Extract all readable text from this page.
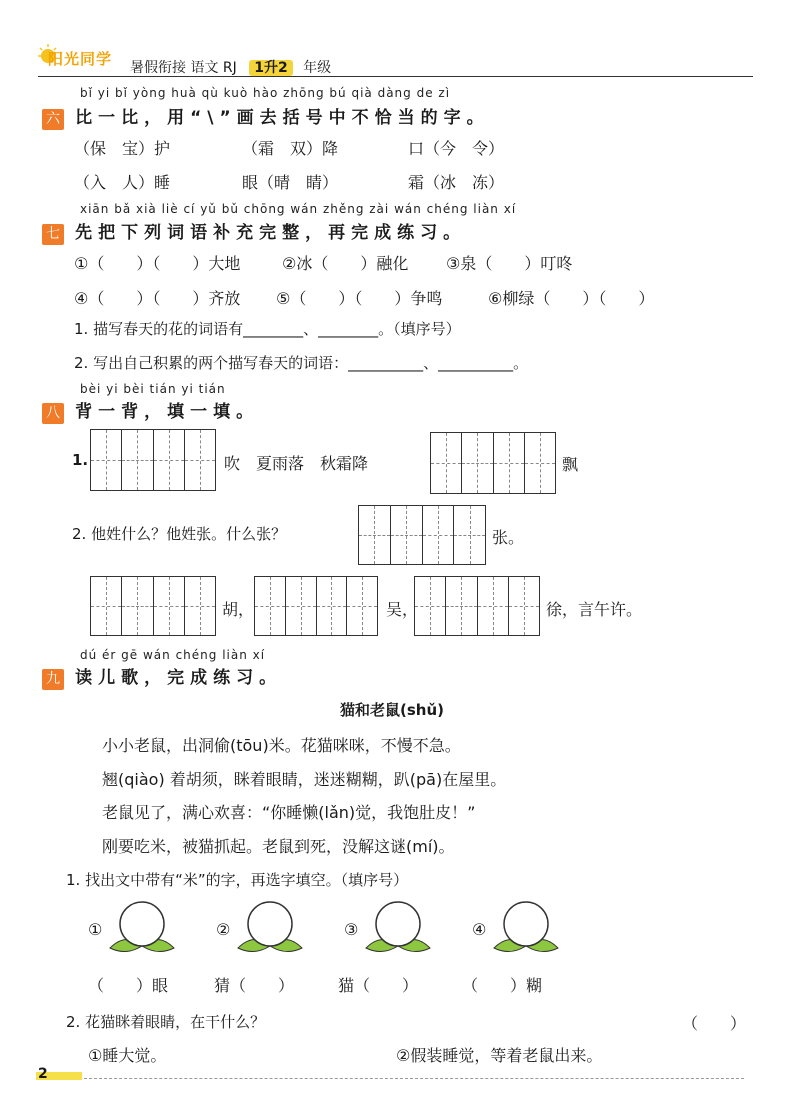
阳光同学 暑假衔接 语文 RJ 1升2 年级
bǐ yi bǐ yòng huà qù kuò hào zhōng bú qià dàng de zì
六 比一比，用“\”画去括号中不恰当的字。
（保　宝）护	（霜　双）降	口（今　令）
（入　人）睡	眼（晴　睛）	霜（冰　冻）
xiān bǎ xià liè cí yǔ bǔ chōng wán zhěng zài wán chéng liàn xí
七 先把下列词语补充完整，再完成练习。
①（　　）（　　）大地	②冰（　　）融化 ③泉（　　）叮咚
④（　　）（　　）齐放 ⑤（　　）（　　）争鸣	⑥柳绿（　　）（　　）
1. 描写春天的花的词语有________、________。（填序号）
2. 写出自己积累的两个描写春天的词语：__________、__________。
bèi yi bèi tián yi tián
八 背一背，填一填。
1.	吹　夏雨落　秋霜降	飘
2. 他姓什么？他姓张。什么张？	张。
胡，	吴，	徐，言午许。
dú ér gē wán chéng liàn xí
九 读儿歌，完成练习。
猫和老鼠(shǔ)
小小老鼠，出洞偷(tōu)米。花猫咪咪，不慢不急。
翘(qiào) 着胡须，眯着眼睛，迷迷糊糊，趴(pā)在屋里。
老鼠见了，满心欢喜：“你睡懒(lǎn)觉，我饱肚皮！”
刚要吃米，被猫抓起。老鼠到死，没解这谜(mí)。
1. 找出文中带有“米”的字，再选字填空。（填序号）
①	②	③	④
（　　）眼	猜（　　）	猫（　　）	（　　）糊
2. 花猫眯着眼睛，在干什么？	（　　）
①睡大觉。	②假装睡觉，等着老鼠出来。
2
